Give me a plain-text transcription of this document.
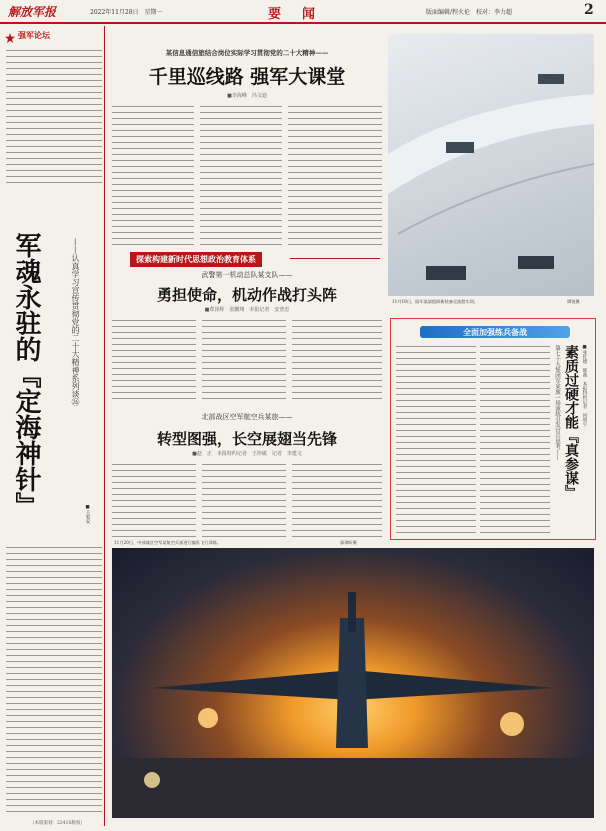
解放军报	2022年11月28日　星期一	要　闻	版面编辑/程火伦　校对：李力超	2
强军论坛
军魂永驻的『定海神针』	——认真学习宣传贯彻党的二十大精神系列谈㉖
■王家安
（本版策划：2241S版权）
某信息通信旅结合岗位实际学习贯彻党的二十大精神——
千里巡线路 强军大课堂
■李海峰　冯文迪
11月18日，陆军某部组织新装备全流程实训。	谭锐摄
探索构建新时代思想政治教育体系
武警第一机动总队某支队——
勇担使命，机动作战打头阵
■郑泽辉　张鹏翔　本报记者　安普忠
北部战区空军航空兵某旅——
转型图强，长空展翅当先锋
■赵　正　本报特约记者　王珍敏　记者　李建文
全面加强练兵备战
第七十九集团军某旅一场演练引发官兵思考—— 素质过硬才能『真参谋』 ■张红德　韩燕　本报特约记者　何明宇
11月20日，中部战区空军某航空兵部进行编队飞行训练。	廖琪昕摄
